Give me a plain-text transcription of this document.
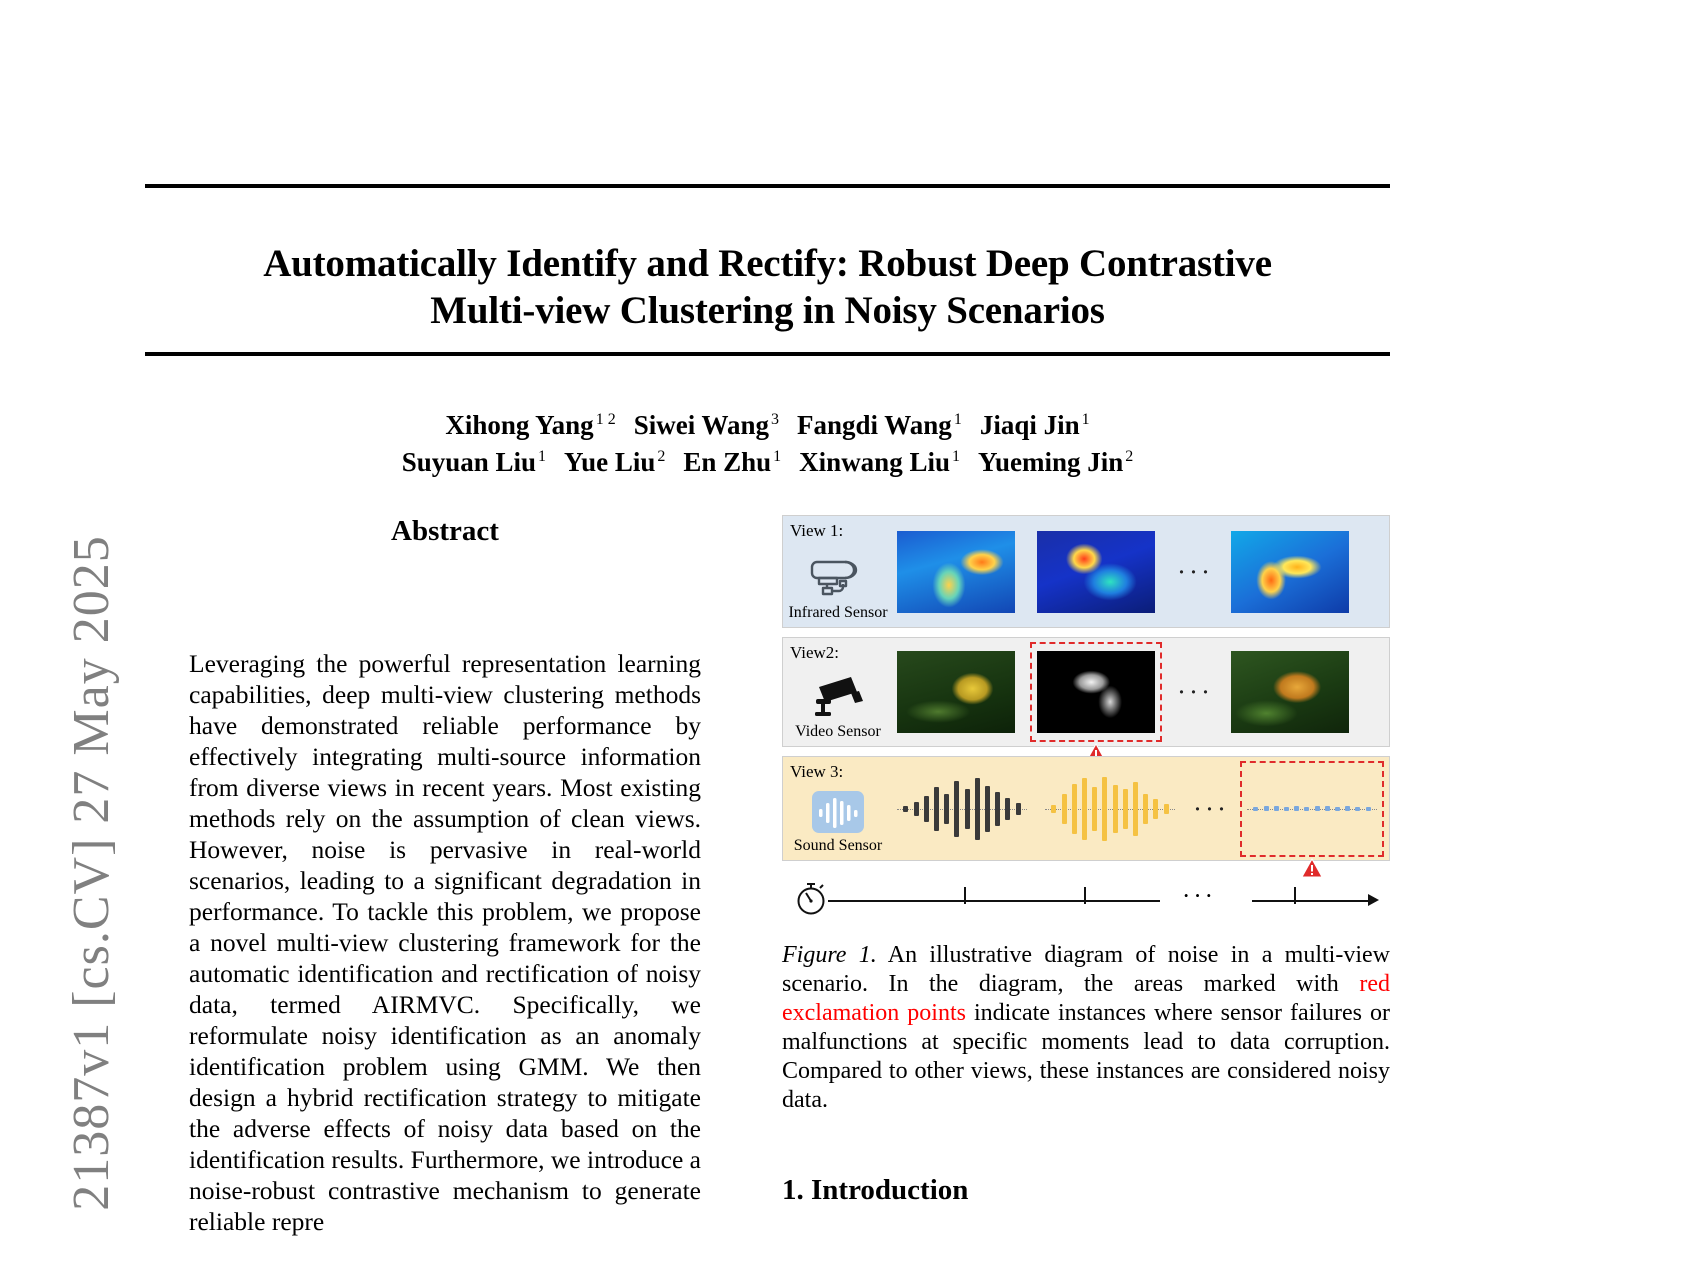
21387v1 [cs.CV] 27 May 2025
Automatically Identify and Rectify: Robust Deep Contrastive
Multi-view Clustering in Noisy Scenarios
Xihong Yang $^{1 2}$ Siwei Wang $^3$ Fangdi Wang $^1$ Jiaqi Jin $^1$
Suyuan Liu $^1$ Yue Liu $^2$ En Zhu $^1$ Xinwang Liu $^1$ Yueming Jin $^2$
Abstract
Leveraging the powerful representation learning capabilities, deep multi-view clustering methods have demonstrated reliable performance by effectively integrating multi-source information from diverse views in recent years. Most existing methods rely on the assumption of clean views. However, noise is pervasive in real-world scenarios, leading to a significant degradation in performance. To tackle this problem, we propose a novel multi-view clustering framework for the automatic identification and rectification of noisy data, termed AIRMVC. Specifically, we reformulate noisy identification as an anomaly identification problem using GMM. We then design a hybrid rectification strategy to mitigate the adverse effects of noisy data based on the identification results. Furthermore, we introduce a noise-robust contrastive mechanism to generate reliable repre
View 1:
Infrared Sensor
···
View2:
Video Sensor
···
View 3:
Sound Sensor
···
···
Figure 1. An illustrative diagram of noise in a multi-view scenario. In the diagram, the areas marked with red exclamation points indicate instances where sensor failures or malfunctions at specific moments lead to data corruption. Compared to other views, these instances are considered noisy data.
1. Introduction
